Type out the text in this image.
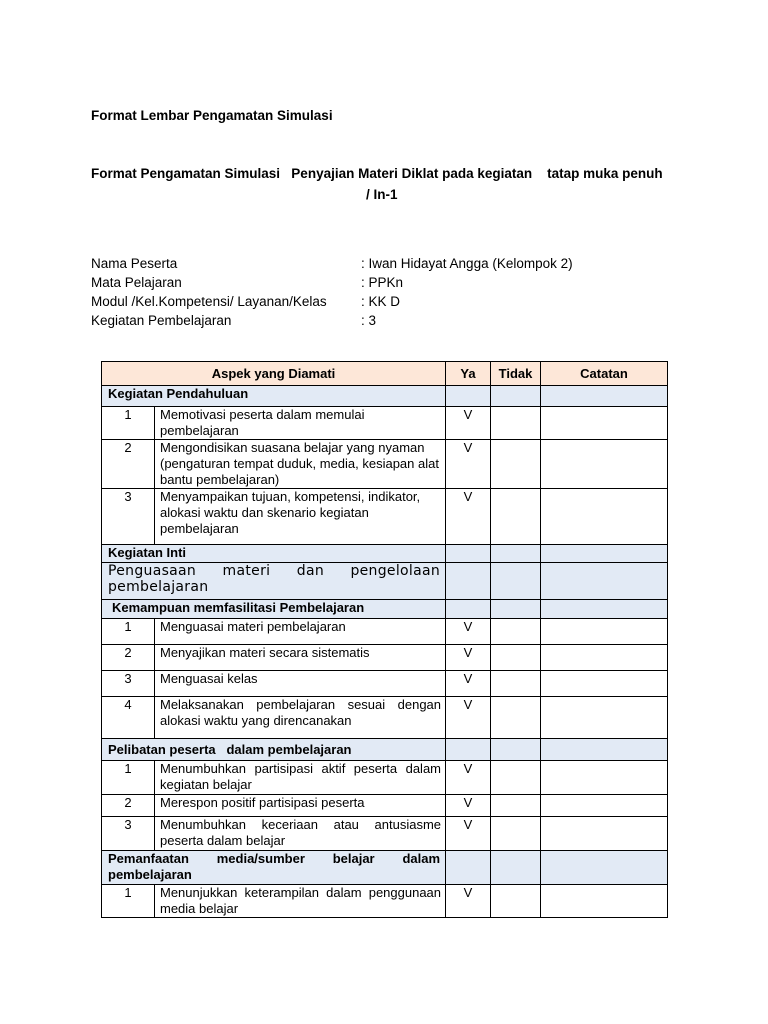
Format Lembar Pengamatan Simulasi
Format Pengamatan Simulasi   Penyajian Materi Diklat pada kegiatan    tatap muka penuh
/ In-1
Nama Peserta	: Iwan Hidayat Angga (Kelompok 2)
Mata Pelajaran	: PPKn
Modul /Kel.Kompetensi/ Layanan/Kelas	: KK D
Kegiatan Pembelajaran	: 3
Aspek yang Diamati		Ya	Tidak	Catatan
Kegiatan Pendahuluan				
1	Memotivasi peserta dalam memulai pembelajaran	V		
2	Mengondisikan suasana belajar yang nyaman (pengaturan tempat duduk, media, kesiapan alat bantu pembelajaran)	V		
3	Menyampaikan tujuan, kompetensi, indikator, alokasi waktu dan skenario kegiatan pembelajaran	V		
Kegiatan Inti				
Penguasaan materi dan pengelolaan pembelajaran				
Kemampuan memfasilitasi Pembelajaran				
1	Menguasai materi pembelajaran	V		
2	Menyajikan materi secara sistematis	V		
3	Menguasai kelas	V		
4	Melaksanakan pembelajaran sesuai dengan alokasi waktu yang direncanakan	V		
Pelibatan peserta   dalam pembelajaran				
1	Menumbuhkan partisipasi aktif peserta dalam kegiatan belajar	V		
2	Merespon positif partisipasi peserta	V		
3	Menumbuhkan keceriaan atau antusiasme peserta dalam belajar	V		

Pemanfaatan media/sumber belajar dalam
pembelajaran				

1	Menunjukkan keterampilan dalam penggunaan media belajar	V		
